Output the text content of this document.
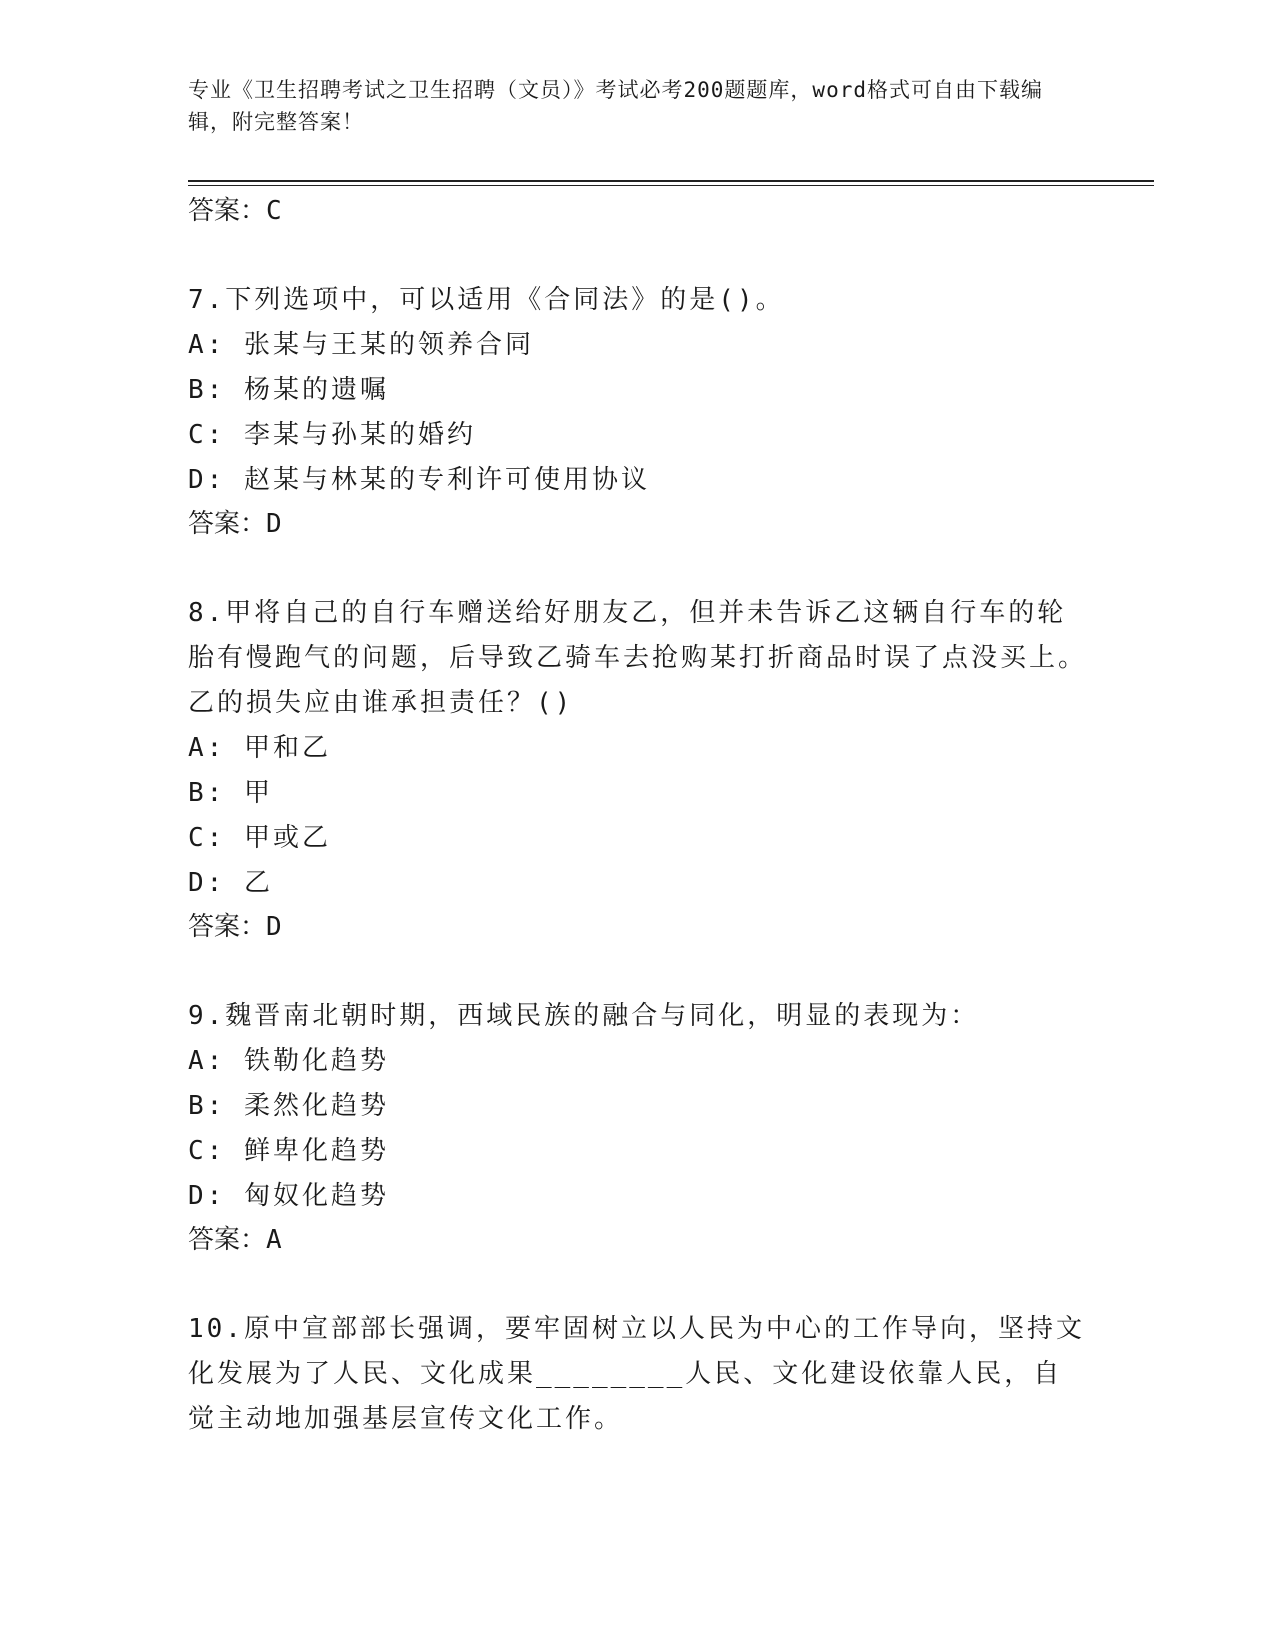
专业《卫生招聘考试之卫生招聘（文员）》考试必考200题题库，word格式可自由下载编辑，附完整答案！

答案：C

7.下列选项中，可以适用《合同法》的是()。

A: 张某与王某的领养合同

B: 杨某的遗嘱

C: 李某与孙某的婚约

D: 赵某与林某的专利许可使用协议

答案：D

8.甲将自己的自行车赠送给好朋友乙，但并未告诉乙这辆自行车的轮胎有慢跑气的问题，后导致乙骑车去抢购某打折商品时误了点没买上。乙的损失应由谁承担责任？()

A: 甲和乙

B: 甲

C: 甲或乙

D: 乙

答案：D

9.魏晋南北朝时期，西域民族的融合与同化，明显的表现为：

A: 铁勒化趋势

B: 柔然化趋势

C: 鲜卑化趋势

D: 匈奴化趋势

答案：A

10.原中宣部部长强调，要牢固树立以人民为中心的工作导向，坚持文化发展为了人民、文化成果________人民、文化建设依靠人民，自觉主动地加强基层宣传文化工作。
